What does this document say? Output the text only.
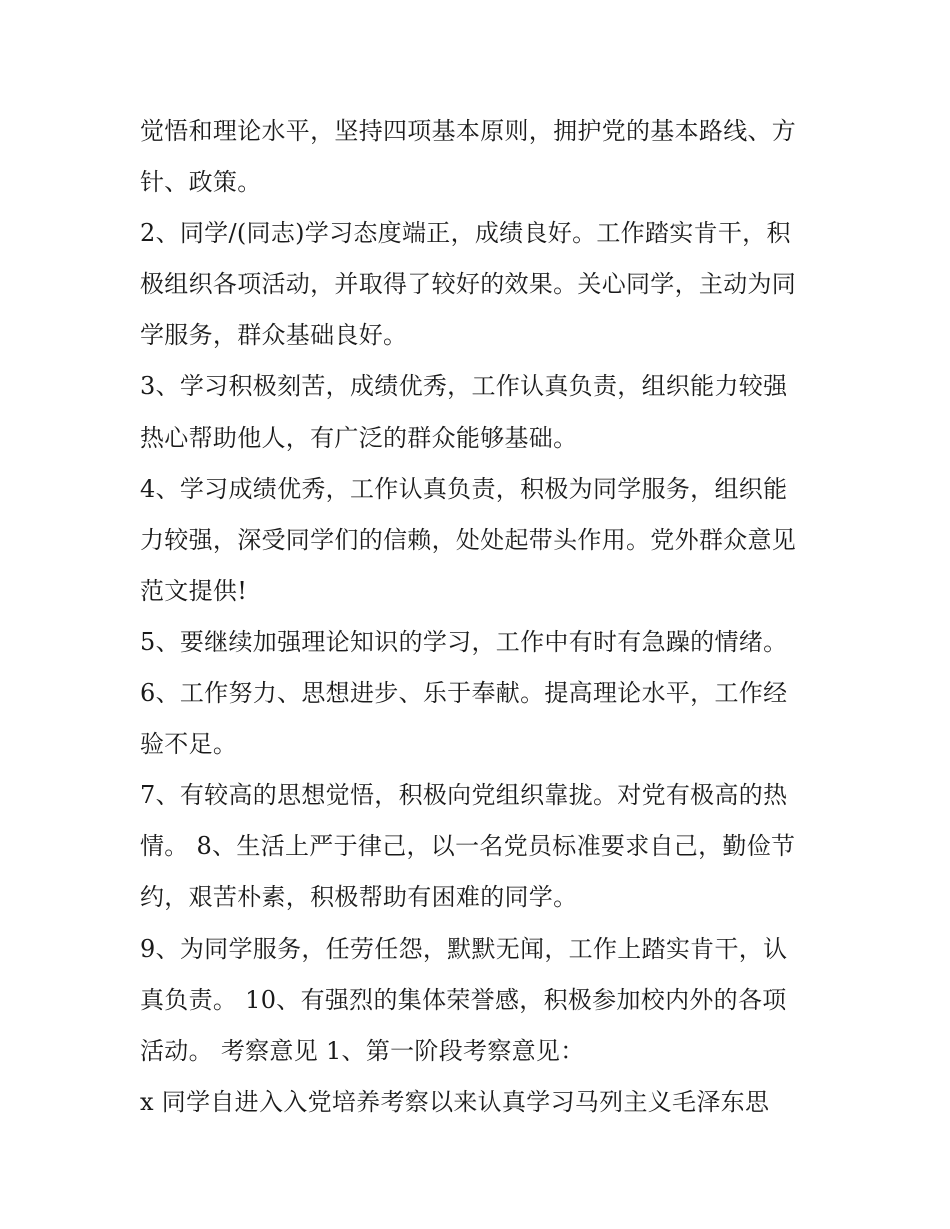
觉悟和理论水平，坚持四项基本原则，拥护党的基本路线、方
针、政策。
2、同学/(同志)学习态度端正，成绩良好。工作踏实肯干，积
极组织各项活动，并取得了较好的效果。关心同学，主动为同
学服务，群众基础良好。
3、学习积极刻苦，成绩优秀，工作认真负责，组织能力较强
热心帮助他人，有广泛的群众能够基础。
4、学习成绩优秀，工作认真负责，积极为同学服务，组织能
力较强，深受同学们的信赖，处处起带头作用。党外群众意见
范文提供!
5、要继续加强理论知识的学习，工作中有时有急躁的情绪。
6、工作努力、思想进步、乐于奉献。提高理论水平，工作经
验不足。
7、有较高的思想觉悟，积极向党组织靠拢。对党有极高的热
情。 8、生活上严于律己，以一名党员标准要求自己，勤俭节
约，艰苦朴素，积极帮助有困难的同学。
9、为同学服务，任劳任怨，默默无闻，工作上踏实肯干，认
真负责。 10、有强烈的集体荣誉感，积极参加校内外的各项
活动。 考察意见 1、第一阶段考察意见：
x 同学自进入入党培养考察以来认真学习马列主义毛泽东思
